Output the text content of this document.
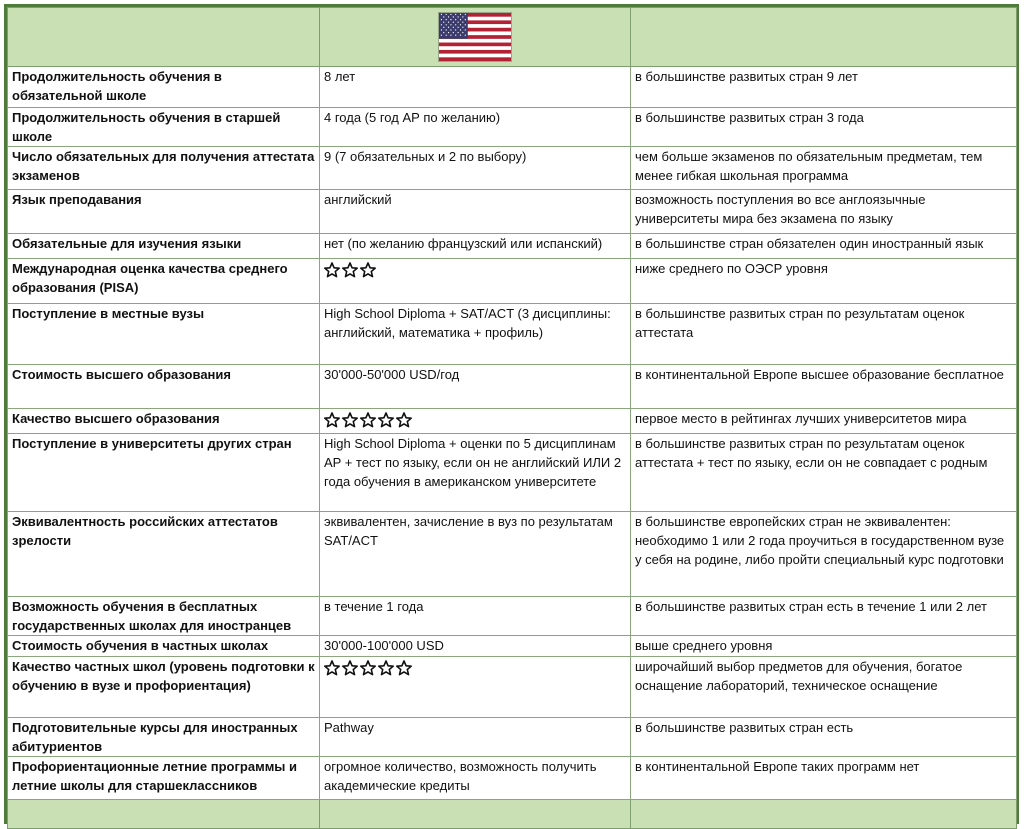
Продолжительность обучения в обязательной школе	8 лет	в большинстве развитых стран 9 лет
Продолжительность обучения в старшей школе	4 года (5 год АР по желанию)	в большинстве развитых стран 3 года
Число обязательных для получения аттестата экзаменов	9 (7 обязательных и 2 по выбору)	чем больше экзаменов по обязательным предметам, тем менее гибкая школьная программа
Язык преподавания	английский	возможность поступления во все англоязычные университеты мира без экзамена по языку
Обязательные для изучения языки	нет (по желанию французский или испанский)	в большинстве стран обязателен один иностранный язык
Международная оценка качества среднего образования (PISA)		ниже среднего по ОЭСР уровня
Поступление в местные вузы	High School Diploma + SAT/ACT (3 дисциплины: английский, математика + профиль)	в большинстве развитых стран по результатам оценок аттестата
Стоимость высшего образования	30'000-50'000 USD/год	в континентальной Европе высшее образование бесплатное
Качество высшего образования		первое место в рейтингах лучших университетов мира
Поступление в университеты других стран	High School Diploma + оценки по 5 дисциплинам AP + тест по языку, если он не английский ИЛИ 2 года обучения в американском университете	в большинстве развитых стран по результатам оценок аттестата + тест по языку, если он не совпадает с родным
Эквивалентность российских аттестатов зрелости	эквивалентен, зачисление в вуз по результатам SAT/ACT	в большинстве европейских стран не эквивалентен: необходимо 1 или 2 года проучиться в государственном вузе у себя на родине, либо пройти специальный курс подготовки
Возможность обучения в бесплатных государственных школах для иностранцев	в течение 1 года	в большинстве развитых стран есть в течение 1 или 2 лет
Стоимость обучения в частных школах	30'000-100'000 USD	выше среднего уровня
Качество частных школ (уровень подготовки к обучению в вузе и профориентация)		широчайший выбор предметов для обучения, богатое оснащение лабораторий, техническое оснащение
Подготовительные курсы для иностранных абитуриентов	Pathway	в большинстве развитых стран есть
Профориентационные летние программы и летние школы для старшеклассников	огромное количество, возможность получить академические кредиты	в континентальной Европе таких программ нет
